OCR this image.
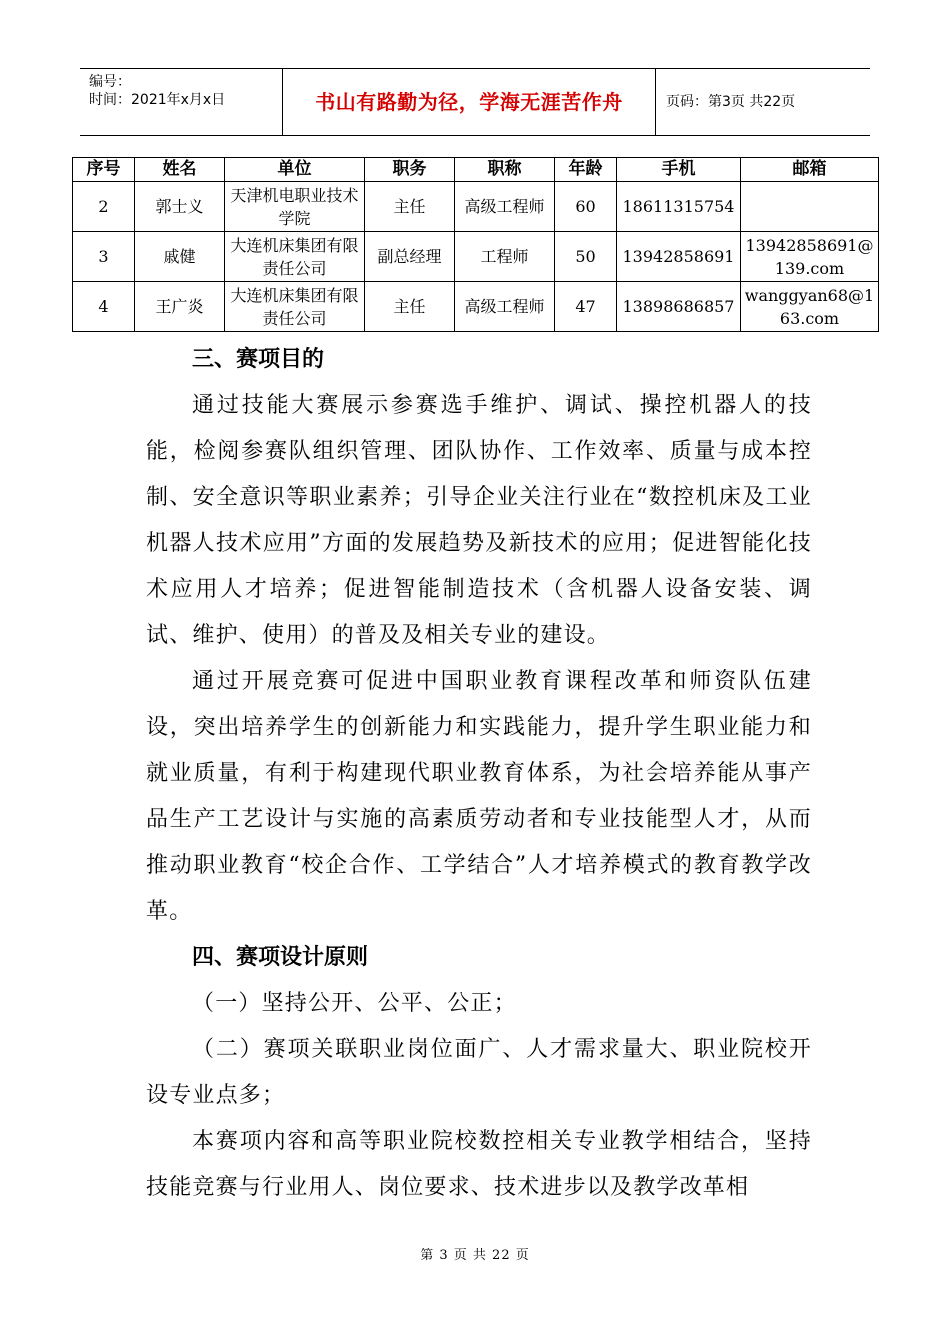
编号：
时间：2021年x月x日	书山有路勤为径，学海无涯苦作舟	页码：第3页 共22页
序号	姓名	单位	职务	职称	年龄	手机	邮箱
2	郭士义	天津机电职业技术学院	主任	高级工程师	60	18611315754	
3	戚健	大连机床集团有限责任公司	副总经理	工程师	50	13942858691	13942858691@139.com
4	王广炎	大连机床集团有限责任公司	主任	高级工程师	47	13898686857	wanggyan68@163.com
三、赛项目的

通过技能大赛展示参赛选手维护、调试、操控机器人的技能，检阅参赛队组织管理、团队协作、工作效率、质量与成本控制、安全意识等职业素养；引导企业关注行业在“数控机床及工业机器人技术应用”方面的发展趋势及新技术的应用；促进智能化技术应用人才培养；促进智能制造技术（含机器人设备安装、调试、维护、使用）的普及及相关专业的建设。

通过开展竞赛可促进中国职业教育课程改革和师资队伍建设，突出培养学生的创新能力和实践能力，提升学生职业能力和就业质量，有利于构建现代职业教育体系，为社会培养能从事产品生产工艺设计与实施的高素质劳动者和专业技能型人才，从而推动职业教育“校企合作、工学结合”人才培养模式的教育教学改革。

四、赛项设计原则

（一）坚持公开、公平、公正；

（二）赛项关联职业岗位面广、人才需求量大、职业院校开设专业点多；

本赛项内容和高等职业院校数控相关专业教学相结合，坚持技能竞赛与行业用人、岗位要求、技术进步以及教学改革相

第 3 页 共 22 页
